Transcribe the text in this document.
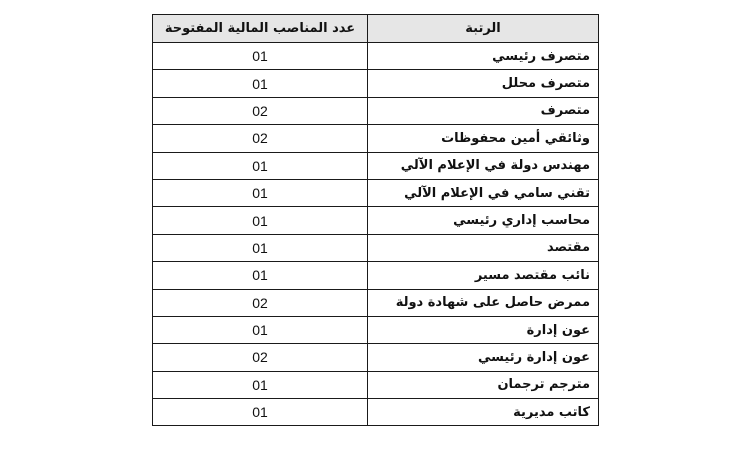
الرتبة	عدد المناصب المالية المفتوحة
متصرف رئيسي	01
متصرف محلل	01
متصرف	02
وثائقي أمين محفوظات	02
مهندس دولة في الإعلام الآلي	01
تقني سامي في الإعلام الآلي	01
محاسب إداري رئيسي	01
مقتصد	01
نائب مقتصد مسير	01
ممرض حاصل على شهادة دولة	02
عون إدارة	01
عون إدارة رئيسي	02
مترجم ترجمان	01
كاتب مديرية	01
